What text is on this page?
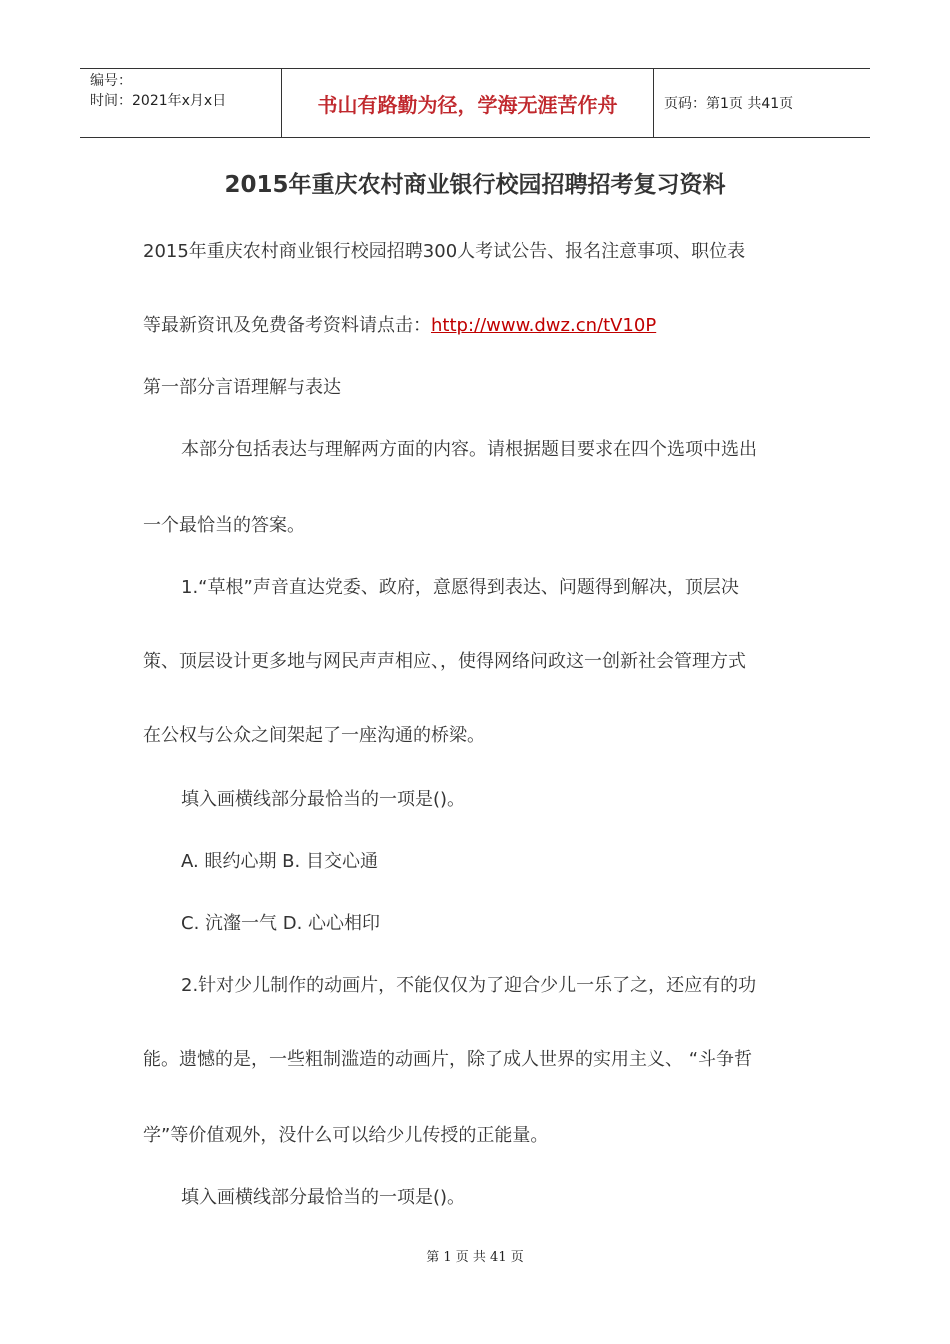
编号：
时间：2021年x月x日	书山有路勤为径，学海无涯苦作舟	页码：第1页 共41页
2015年重庆农村商业银行校园招聘招考复习资料
2015年重庆农村商业银行校园招聘300人考试公告、报名注意事项、职位表
等最新资讯及免费备考资料请点击：http://www.dwz.cn/tV10P
第一部分言语理解与表达
本部分包括表达与理解两方面的内容。请根据题目要求在四个选项中选出
一个最恰当的答案。
1.“草根”声音直达党委、政府，意愿得到表达、问题得到解决，顶层决
策、顶层设计更多地与网民声声相应、，使得网络问政这一创新社会管理方式
在公权与公众之间架起了一座沟通的桥梁。
填入画横线部分最恰当的一项是()。
A. 眼约心期 B. 目交心通
C. 沆瀣一气 D. 心心相印
2.针对少儿制作的动画片，不能仅仅为了迎合少儿一乐了之，还应有的功
能。遗憾的是，一些粗制滥造的动画片，除了成人世界的实用主义、 “斗争哲
学”等价值观外，没什么可以给少儿传授的正能量。
填入画横线部分最恰当的一项是()。
第 1 页 共 41 页
